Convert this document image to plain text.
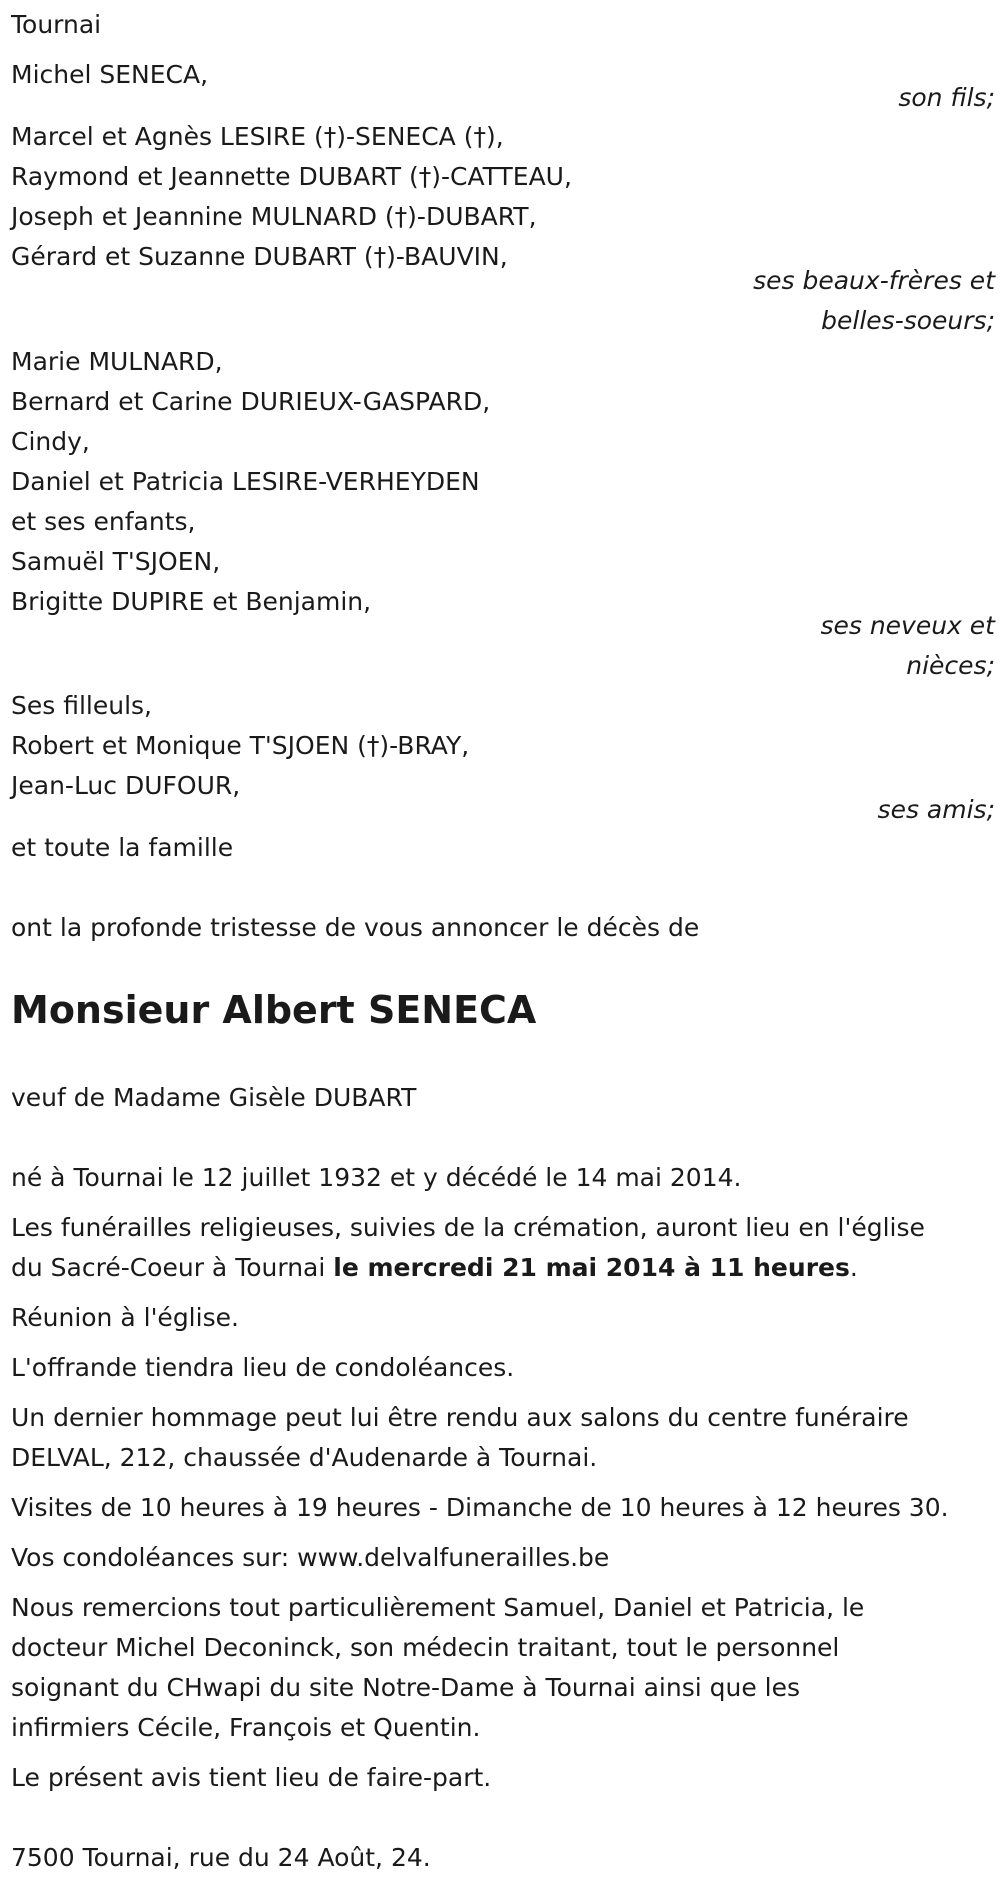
Tournai
Michel SENECA,
son fils;
Marcel et Agnès LESIRE (†)-SENECA (†),
Raymond et Jeannette DUBART (†)-CATTEAU,
Joseph et Jeannine MULNARD (†)-DUBART,
Gérard et Suzanne DUBART (†)-BAUVIN,
ses beaux-frères et
belles-soeurs;
Marie MULNARD,
Bernard et Carine DURIEUX-GASPARD,
Cindy,
Daniel et Patricia LESIRE-VERHEYDEN
et ses enfants,
Samuël T'SJOEN,
Brigitte DUPIRE et Benjamin,
ses neveux et
nièces;
Ses filleuls,
Robert et Monique T'SJOEN (†)-BRAY,
Jean-Luc DUFOUR,
ses amis;
et toute la famille
ont la profonde tristesse de vous annoncer le décès de
Monsieur Albert SENECA
veuf de Madame Gisèle DUBART
né à Tournai le 12 juillet 1932 et y décédé le 14 mai 2014.
Les funérailles religieuses, suivies de la crémation, auront lieu en l'église
du Sacré-Coeur à Tournai le mercredi 21 mai 2014 à 11 heures.
Réunion à l'église.
L'offrande tiendra lieu de condoléances.
Un dernier hommage peut lui être rendu aux salons du centre funéraire
DELVAL, 212, chaussée d'Audenarde à Tournai.
Visites de 10 heures à 19 heures - Dimanche de 10 heures à 12 heures 30.
Vos condoléances sur: www.delvalfunerailles.be
Nous remercions tout particulièrement Samuel, Daniel et Patricia, le
docteur Michel Deconinck, son médecin traitant, tout le personnel
soignant du CHwapi du site Notre-Dame à Tournai ainsi que les
infirmiers Cécile, François et Quentin.
Le présent avis tient lieu de faire-part.
7500 Tournai, rue du 24 Août, 24.
